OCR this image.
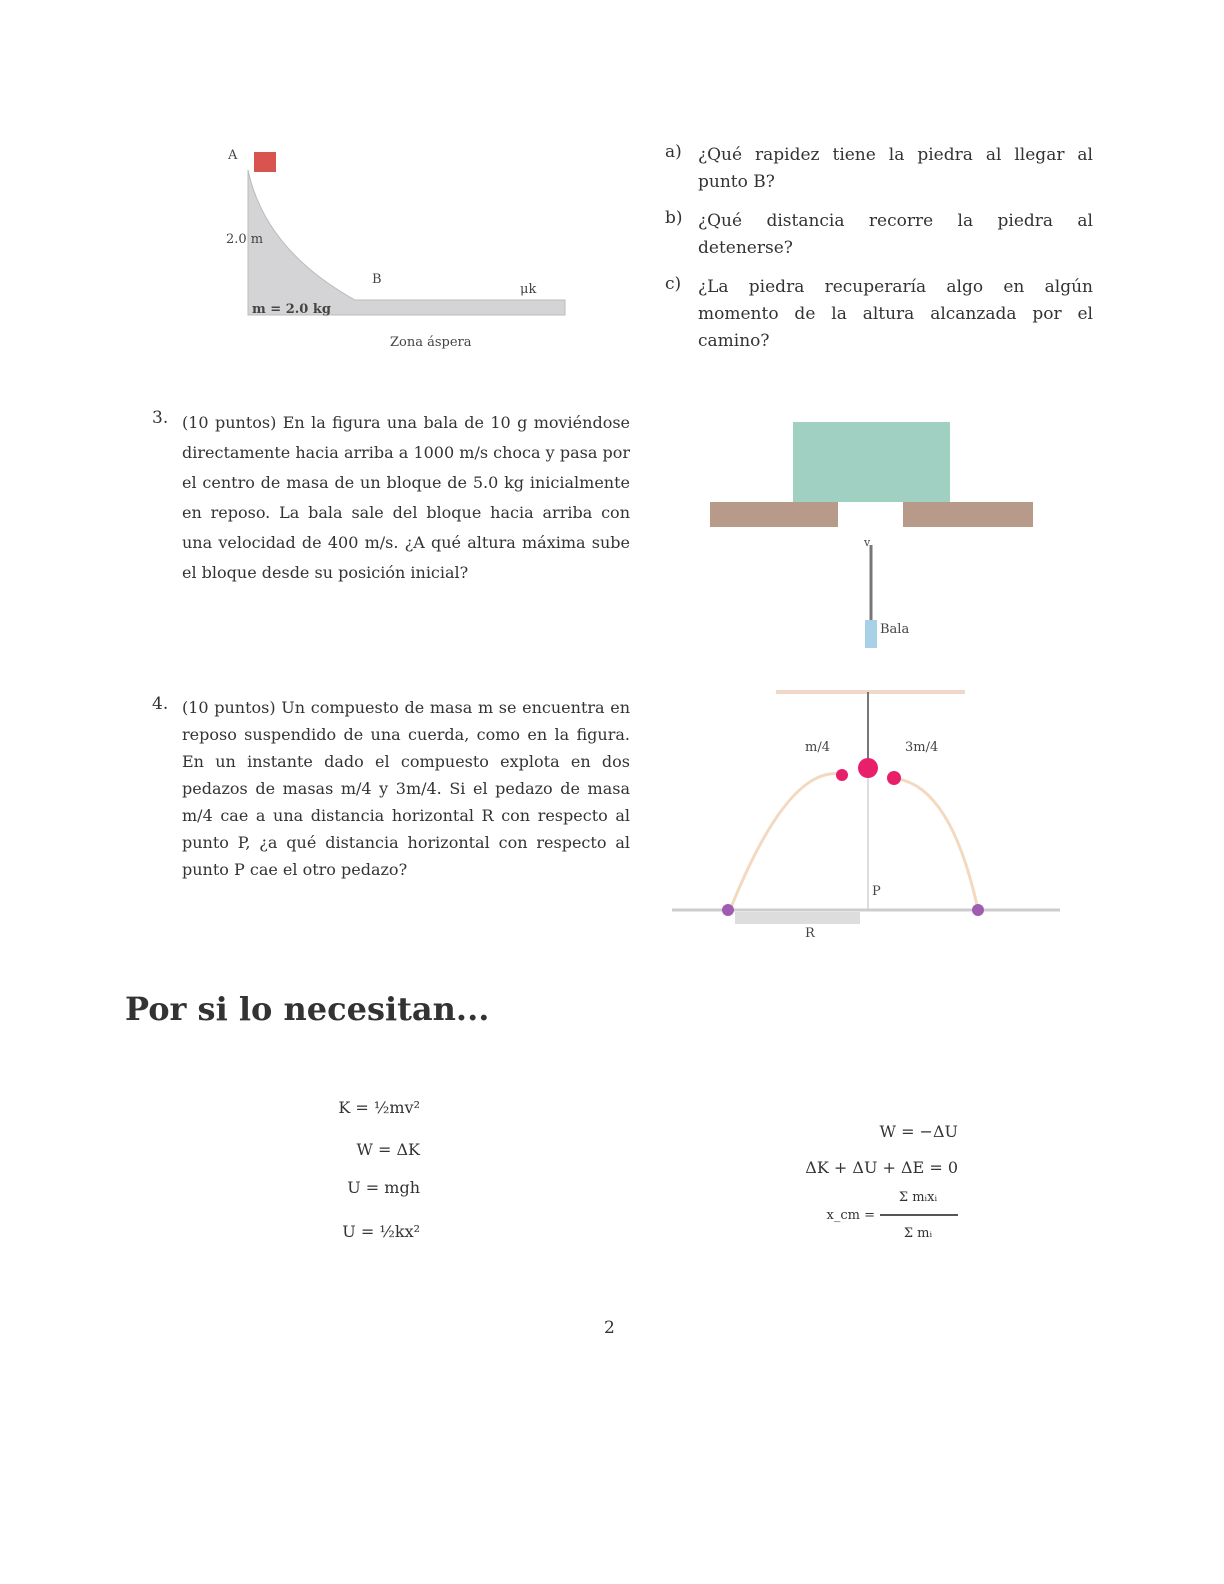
A
2.0 m
B
m = 2.0 kg
μk
Zona áspera
a) ¿Qué rapidez tiene la piedra al llegar al punto B?
b) ¿Qué distancia recorre la piedra al detenerse?
c) ¿La piedra recuperaría algo en algún momento de la altura alcanzada por el camino?
3. (10 puntos) En la figura una bala de 10 g moviéndose directamente hacia arriba a 1000 m/s choca y pasa por el centro de masa de un bloque de 5.0 kg inicialmente en reposo. La bala sale del bloque hacia arriba con una velocidad de 400 m/s. ¿A qué altura máxima sube el bloque desde su posición inicial?
Bala
v
4. (10 puntos) Un compuesto de masa m se encuentra en reposo suspendido de una cuerda, como en la figura. En un instante dado el compuesto explota en dos pedazos de masas m/4 y 3m/4. Si el pedazo de masa m/4 cae a una distancia horizontal R con respecto al punto P, ¿a qué distancia horizontal con respecto al punto P cae el otro pedazo?
m/4	3m/4
P
R
Por si lo necesitan...
K = ½mv²
W = ΔK
U = mgh
U = ½kx²
W = −ΔU
ΔK + ΔU + ΔE = 0
Σ mᵢxᵢ
x_cm =
Σ mᵢ
2
